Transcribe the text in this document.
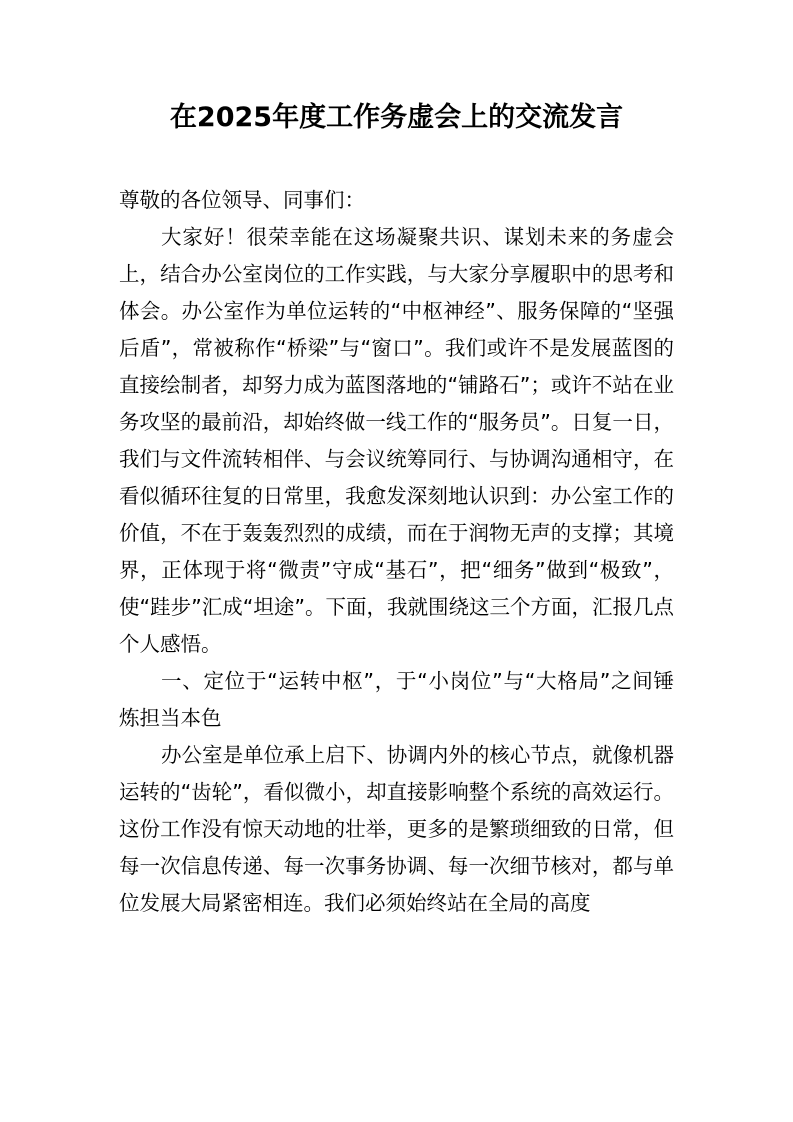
在2025年度工作务虚会上的交流发言

尊敬的各位领导、同事们：

大家好！很荣幸能在这场凝聚共识、谋划未来的务虚会上，结合办公室岗位的工作实践，与大家分享履职中的思考和体会。办公室作为单位运转的“中枢神经”、服务保障的“坚强后盾”，常被称作“桥梁”与“窗口”。我们或许不是发展蓝图的直接绘制者，却努力成为蓝图落地的“铺路石”；或许不站在业务攻坚的最前沿，却始终做一线工作的“服务员”。日复一日，我们与文件流转相伴、与会议统筹同行、与协调沟通相守，在看似循环往复的日常里，我愈发深刻地认识到：办公室工作的价值，不在于轰轰烈烈的成绩，而在于润物无声的支撑；其境界，正体现于将“微责”守成“基石”，把“细务”做到“极致”，使“跬步”汇成“坦途”。下面，我就围绕这三个方面，汇报几点个人感悟。

一、定位于“运转中枢”，于“小岗位”与“大格局”之间锤炼担当本色

办公室是单位承上启下、协调内外的核心节点，就像机器运转的“齿轮”，看似微小，却直接影响整个系统的高效运行。这份工作没有惊天动地的壮举，更多的是繁琐细致的日常，但每一次信息传递、每一次事务协调、每一次细节核对，都与单位发展大局紧密相连。我们必须始终站在全局的高度
